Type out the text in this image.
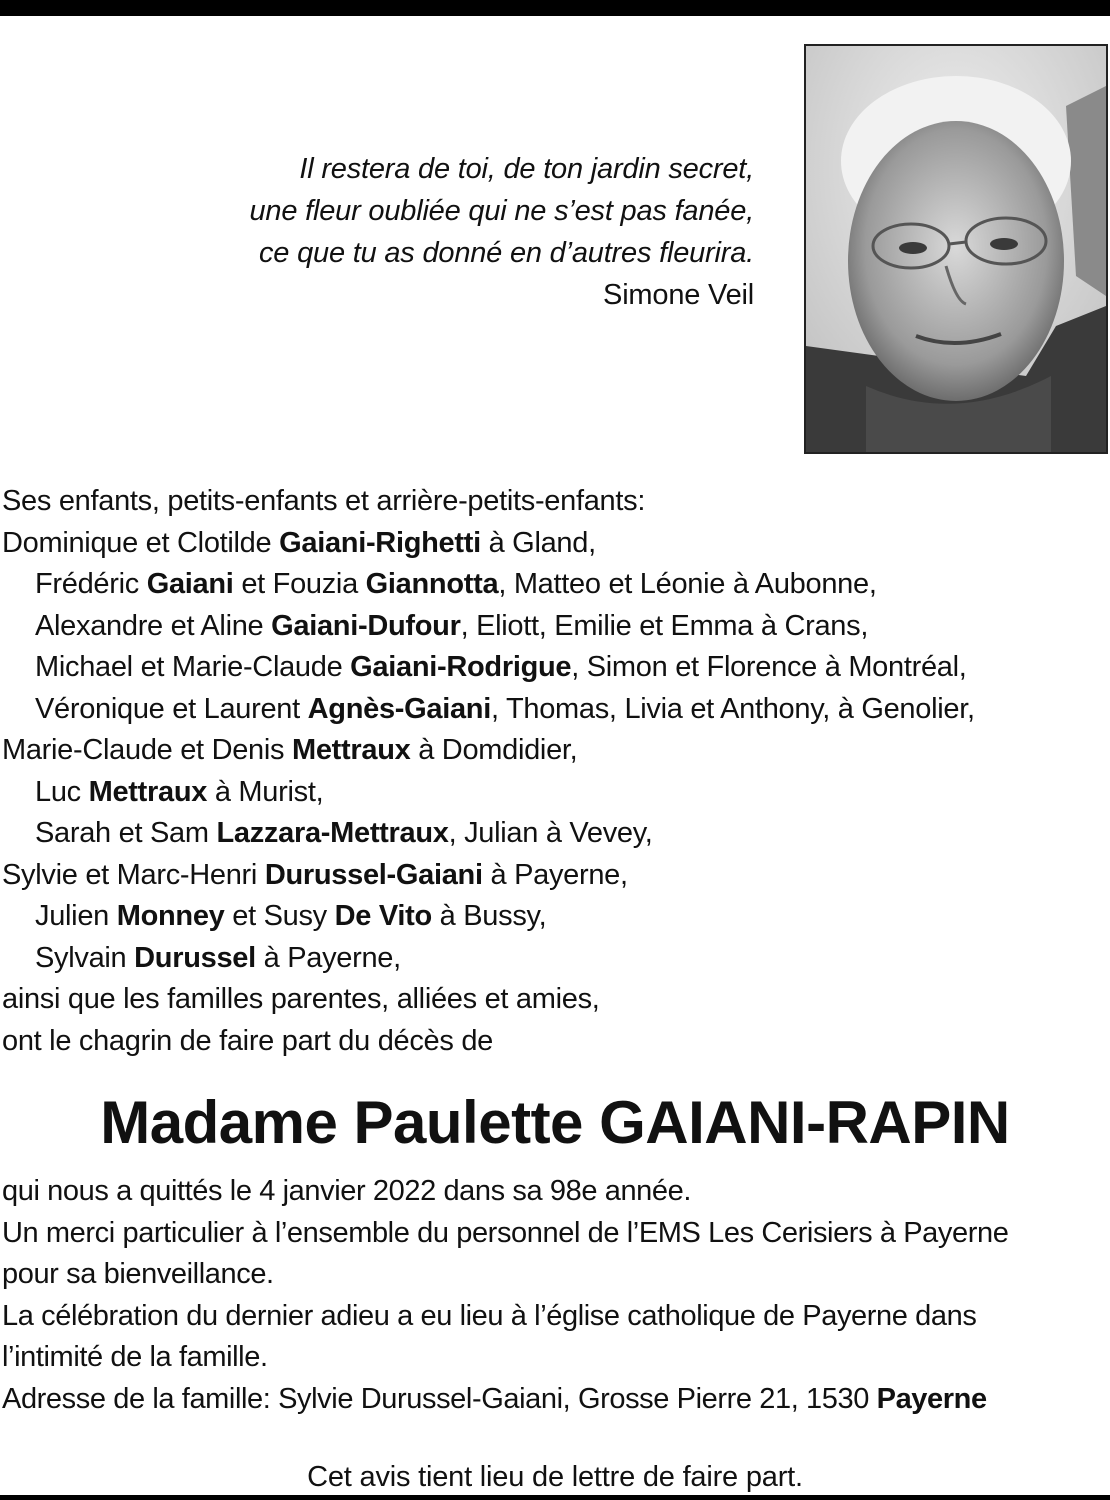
Il restera de toi, de ton jardin secret,
une fleur oubliée qui ne s’est pas fanée,
ce que tu as donné en d’autres fleurira.
Simone Veil
Ses enfants, petits-enfants et arrière-petits-enfants:
Dominique et Clotilde Gaiani-Righetti à Gland,
Frédéric Gaiani et Fouzia Giannotta, Matteo et Léonie à Aubonne,
Alexandre et Aline Gaiani-Dufour, Eliott, Emilie et Emma à Crans,
Michael et Marie-Claude Gaiani-Rodrigue, Simon et Florence à Montréal,
Véronique et Laurent Agnès-Gaiani, Thomas, Livia et Anthony, à Genolier,
Marie-Claude et Denis Mettraux à Domdidier,
Luc Mettraux à Murist,
Sarah et Sam Lazzara-Mettraux, Julian à Vevey,
Sylvie et Marc-Henri Durussel-Gaiani à Payerne,
Julien Monney et Susy De Vito à Bussy,
Sylvain Durussel à Payerne,
ainsi que les familles parentes, alliées et amies,
ont le chagrin de faire part du décès de
Madame Paulette GAIANI-RAPIN
qui nous a quittés le 4 janvier 2022 dans sa 98e année.
Un merci particulier à l’ensemble du personnel de l’EMS Les Cerisiers à Payerne
pour sa bienveillance.
La célébration du dernier adieu a eu lieu à l’église catholique de Payerne dans
l’intimité de la famille.
Adresse de la famille: Sylvie Durussel-Gaiani, Grosse Pierre 21, 1530 Payerne
Cet avis tient lieu de lettre de faire part.
